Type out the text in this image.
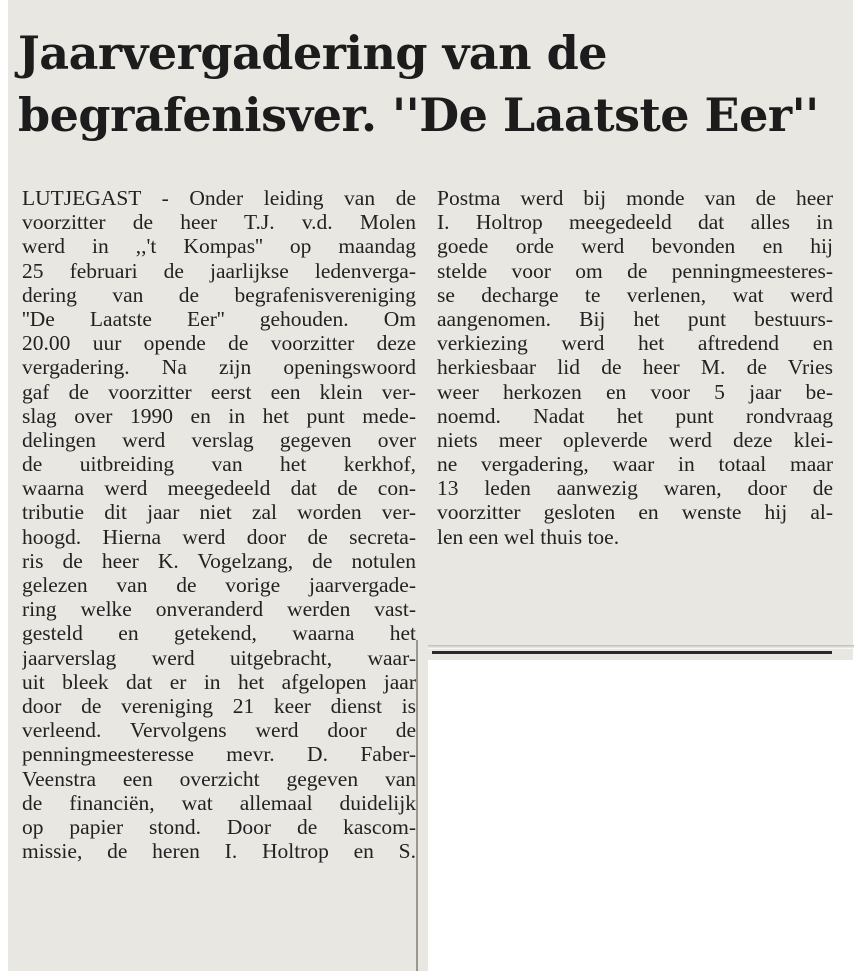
Jaarvergadering van de
begrafenisver. ''De Laatste Eer''
LUTJEGAST - Onder leiding van de
voorzitter de heer T.J. v.d. Molen
werd in ,,'t Kompas'' op maandag
25 februari de jaarlijkse ledenverga-
dering van de begrafenisvereniging
''De Laatste Eer'' gehouden. Om
20.00 uur opende de voorzitter deze
vergadering. Na zijn openingswoord
gaf de voorzitter eerst een klein ver-
slag over 1990 en in het punt mede-
delingen werd verslag gegeven over
de uitbreiding van het kerkhof,
waarna werd meegedeeld dat de con-
tributie dit jaar niet zal worden ver-
hoogd. Hierna werd door de secreta-
ris de heer K. Vogelzang, de notulen
gelezen van de vorige jaarvergade-
ring welke onveranderd werden vast-
gesteld en getekend, waarna het
jaarverslag werd uitgebracht, waar-
uit bleek dat er in het afgelopen jaar
door de vereniging 21 keer dienst is
verleend. Vervolgens werd door de
penningmeesteresse mevr. D. Faber-
Veenstra een overzicht gegeven van
de financiën, wat allemaal duidelijk
op papier stond. Door de kascom-
missie, de heren I. Holtrop en S.
Postma werd bij monde van de heer
I. Holtrop meegedeeld dat alles in
goede orde werd bevonden en hij
stelde voor om de penningmeesteres-
se decharge te verlenen, wat werd
aangenomen. Bij het punt bestuurs-
verkiezing werd het aftredend en
herkiesbaar lid de heer M. de Vries
weer herkozen en voor 5 jaar be-
noemd. Nadat het punt rondvraag
niets meer opleverde werd deze klei-
ne vergadering, waar in totaal maar
13 leden aanwezig waren, door de
voorzitter gesloten en wenste hij al-
len een wel thuis toe.
